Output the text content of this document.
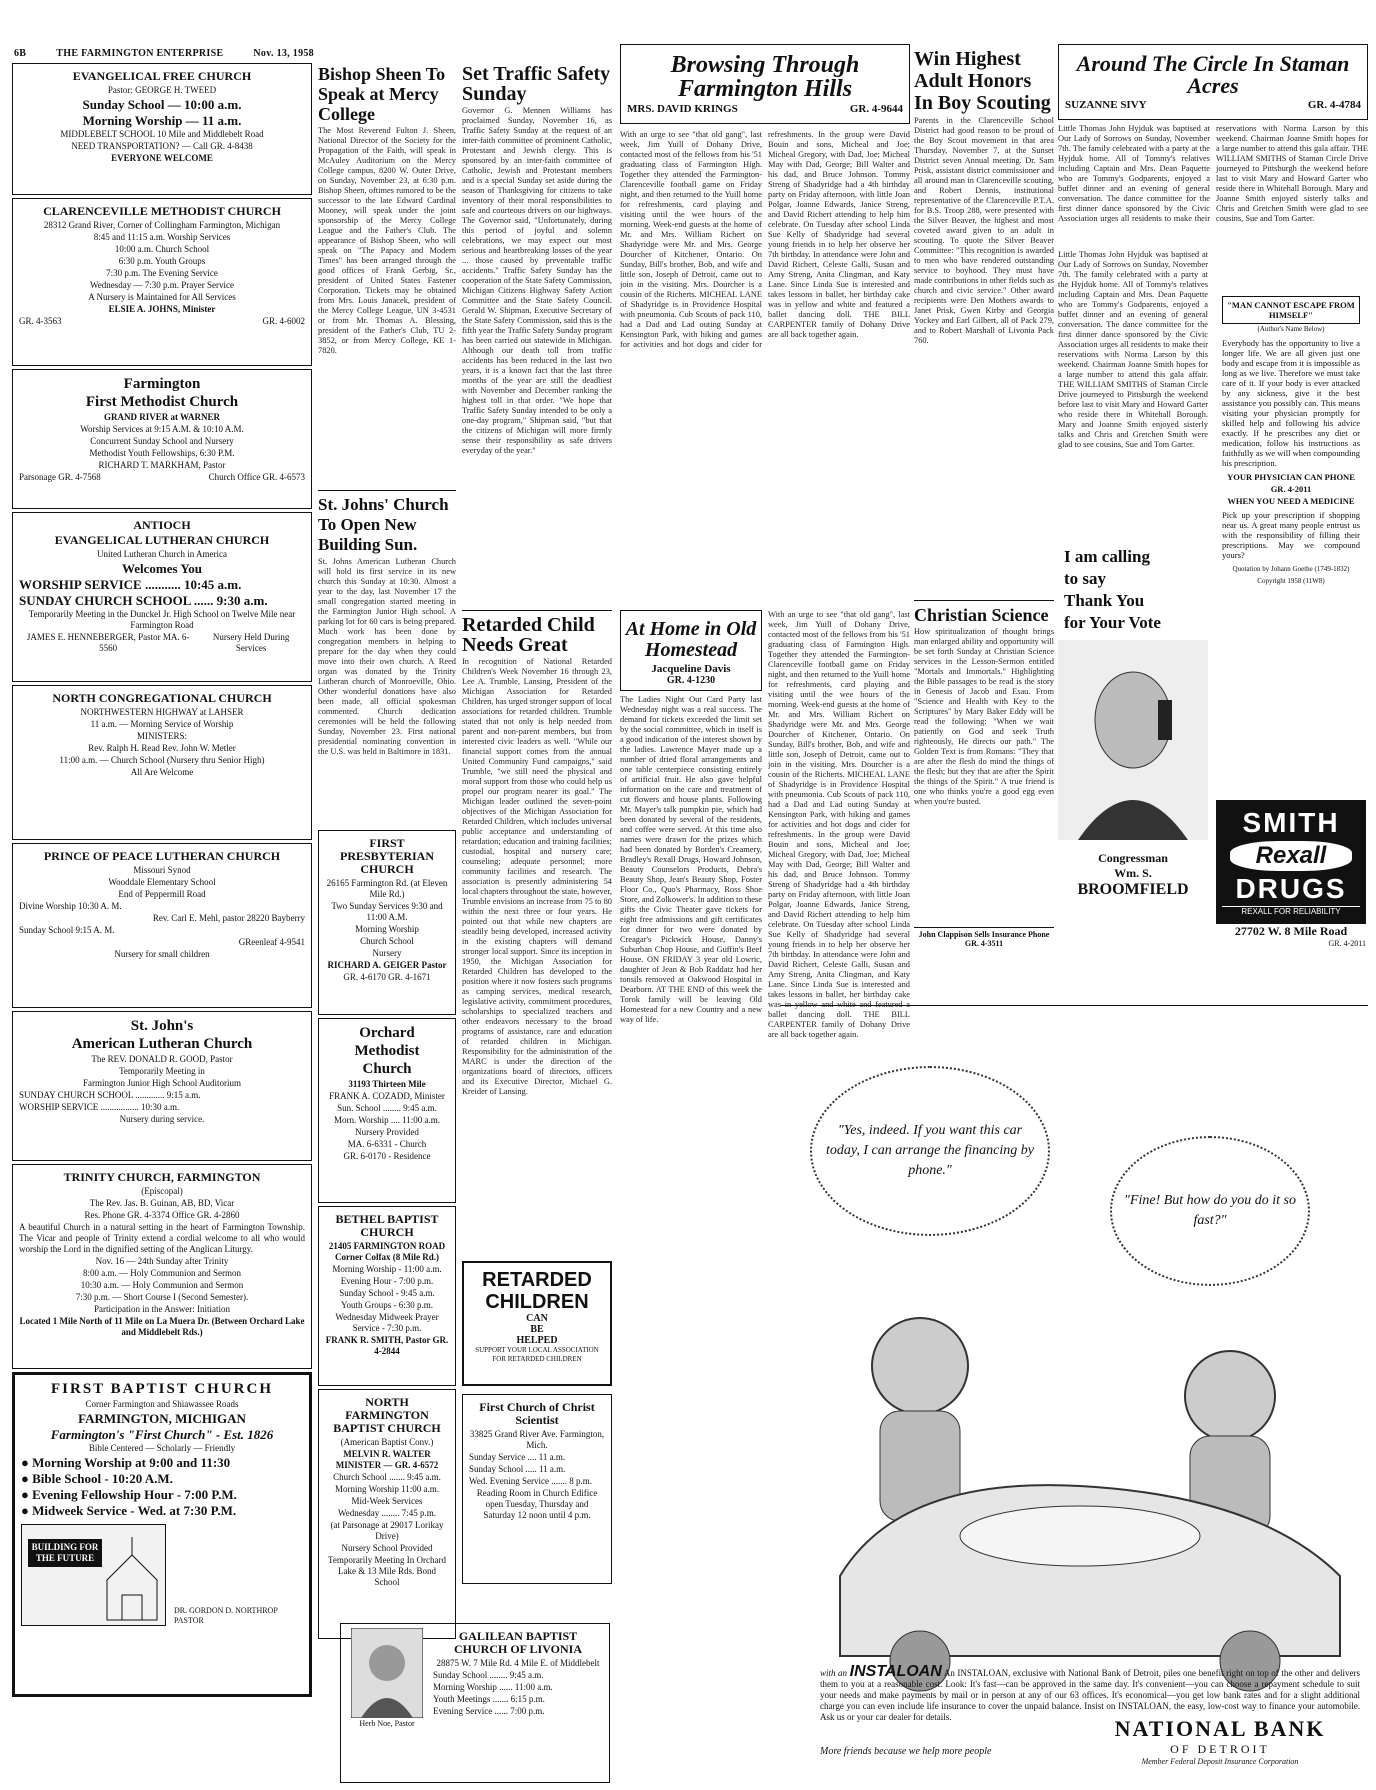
6B	THE FARMINGTON ENTERPRISE	Nov. 13, 1958
EVANGELICAL FREE CHURCH

Pastor: GEORGE H. TWEED

Sunday School — 10:00 a.m.

Morning Worship — 11 a.m.

MIDDLEBELT SCHOOL 10 Mile and Middlebelt Road

NEED TRANSPORTATION? — Call GR. 4-8438

EVERYONE WELCOME

CLARENCEVILLE METHODIST CHURCH

28312 Grand River, Corner of Collingham Farmington, Michigan

8:45 and 11:15 a.m. Worship Services

10:00 a.m. Church School

6:30 p.m. Youth Groups

7:30 p.m. The Evening Service

Wednesday — 7:30 p.m. Prayer Service

A Nursery is Maintained for All Services

ELSIE A. JOHNS, Minister

GR. 4-3563	GR. 4-6002

Farmington
First Methodist Church

GRAND RIVER at WARNER

Worship Services at 9:15 A.M. & 10:10 A.M.

Concurrent Sunday School and Nursery

Methodist Youth Fellowships, 6:30 P.M.

RICHARD T. MARKHAM, Pastor

Parsonage GR. 4-7568	Church Office GR. 4-6573

ANTIOCH
EVANGELICAL LUTHERAN CHURCH

United Lutheran Church in America

Welcomes You

WORSHIP SERVICE ........... 10:45 a.m.

SUNDAY CHURCH SCHOOL ...... 9:30 a.m.

Temporarily Meeting in the Dunckel Jr. High School on Twelve Mile near Farmington Road

JAMES E. HENNEBERGER, Pastor MA. 6-5560
Nursery Held During Services

NORTH CONGREGATIONAL CHURCH

NORTHWESTERN HIGHWAY at LAHSER

11 a.m. — Morning Service of Worship

MINISTERS:

Rev. Ralph H. Read Rev. John W. Metler

11:00 a.m. — Church School (Nursery thru Senior High)

All Are Welcome

PRINCE OF PEACE LUTHERAN CHURCH

Missouri Synod

Wooddale Elementary School

End of Peppermill Road

Divine Worship 10:30 A. M.

Rev. Carl E. Mehl, pastor 28220 Bayberry

Sunday School 9:15 A. M.

GReenleaf 4-9541

Nursery for small children

St. John's
American Lutheran Church

The REV. DONALD R. GOOD, Pastor

Temporarily Meeting in

Farmington Junior High School Auditorium

SUNDAY CHURCH SCHOOL ............. 9:15 a.m.

WORSHIP SERVICE ................. 10:30 a.m.

Nursery during service.

TRINITY CHURCH, FARMINGTON

(Episcopal)

The Rev. Jas. B. Guinan, AB, BD, Vicar

Res. Phone GR. 4-3374 Office GR. 4-2860

A beautiful Church in a natural setting in the heart of Farmington Township. The Vicar and people of Trinity extend a cordial welcome to all who would worship the Lord in the dignified setting of the Anglican Liturgy.

Nov. 16 — 24th Sunday after Trinity

8:00 a.m. — Holy Communion and Sermon

10:30 a.m. — Holy Communion and Sermon

7:30 p.m. — Short Course I (Second Semester).

Participation in the Answer: Initiation

Located 1 Mile North of 11 Mile on La Muera Dr. (Between Orchard Lake and Middlebelt Rds.)

FIRST BAPTIST CHURCH

Corner Farmington and Shiawassee Roads

FARMINGTON, MICHIGAN

Farmington's "First Church" - Est. 1826

Bible Centered — Scholarly — Friendly

● Morning Worship at 9:00 and 11:30

● Bible School - 10:20 A.M.

● Evening Fellowship Hour - 7:00 P.M.

● Midweek Service - Wed. at 7:30 P.M.

BUILDING FOR THE FUTURE
DR. GORDON D. NORTHROP PASTOR
Bishop Sheen To Speak at Mercy College

The Most Reverend Fulton J. Sheen, National Director of the Society for the Propagation of the Faith, will speak in McAuley Auditorium on the Mercy College campus, 8200 W. Outer Drive, on Sunday, November 23, at 6:30 p.m. Bishop Sheen, oftimes rumored to be the successor to the late Edward Cardinal Mooney, will speak under the joint sponsorship of the Mercy College League and the Father's Club. The appearance of Bishop Sheen, who will speak on "The Papacy and Modern Times" has been arranged through the good offices of Frank Gerbig, Sr., president of United States Fastener Corporation. Tickets may be obtained from Mrs. Louis Janacek, president of the Mercy College League, UN 3-4531 or from Mr. Thomas A. Blessing, president of the Father's Club, TU 2-3852, or from Mercy College, KE 1-7820.

St. Johns' Church To Open New Building Sun.

St. Johns American Lutheran Church will hold its first service in its new church this Sunday at 10:30. Almost a year to the day, last November 17 the small congregation started meeting in the Farmington Junior High school. A parking lot for 60 cars is being prepared. Much work has been done by congregation members in helping to prepare for the day when they could move into their own church. A Reed organ was donated by the Trinity Lutheran church of Monroeville, Ohio. Other wonderful donations have also been made, all official spokesman commented. Church dedication ceremonies will be held the following Sunday, November 23. First national presidential nominating convention in the U.S. was held in Baltimore in 1831.

FIRST PRESBYTERIAN CHURCH

26165 Farmington Rd. (at Eleven Mile Rd.)

Two Sunday Services 9:30 and 11:00 A.M.

Morning Worship

Church School

Nursery

RICHARD A. GEIGER Pastor

GR. 4-6170 GR. 4-1671

Orchard
Methodist
Church

31193 Thirteen Mile

FRANK A. COZADD, Minister

Sun. School ........ 9:45 a.m.

Morn. Worship .... 11:00 a.m.

Nursery Provided

MA. 6-6331 - Church

GR. 6-0170 - Residence

BETHEL BAPTIST CHURCH

21405 FARMINGTON ROAD Corner Colfax (8 Mile Rd.)

Morning Worship - 11:00 a.m.

Evening Hour - 7:00 p.m.

Sunday School - 9:45 a.m.

Youth Groups - 6:30 p.m.

Wednesday Midweek Prayer Service - 7:30 p.m.

FRANK R. SMITH, Pastor GR. 4-2844

NORTH FARMINGTON BAPTIST CHURCH

(American Baptist Conv.)

MELVIN R. WALTER MINISTER — GR. 4-6572

Church School ....... 9:45 a.m.

Morning Worship 11:00 a.m.

Mid-Week Services

Wednesday ........ 7:45 p.m.

(at Parsonage at 29017 Lorikay Drive)

Nursery School Provided

Temporarily Meeting In Orchard Lake & 13 Mile Rds. Bond School

Set Traffic Safety Sunday

Governor G. Mennen Williams has proclaimed Sunday, November 16, as Traffic Safety Sunday at the request of an inter-faith committee of prominent Catholic, Protestant and Jewish clergy. This is sponsored by an inter-faith committee of Catholic, Jewish and Protestant members and is a special Sunday set aside during the season of Thanksgiving for citizens to take inventory of their moral responsibilities to safe and courteous drivers on our highways. The Governor said, "Unfortunately, during this period of joyful and solemn celebrations, we may expect our most serious and heartbreaking losses of the year ... those caused by preventable traffic accidents." Traffic Safety Sunday has the cooperation of the State Safety Commission, Michigan Citizens Highway Safety Action Committee and the State Safety Council. Gerald W. Shipman, Executive Secretary of the State Safety Commission, said this is the fifth year the Traffic Safety Sunday program has been carried out statewide in Michigan. Although our death toll from traffic accidents has been reduced in the last two years, it is a known fact that the last three months of the year are still the deadliest with November and December ranking the highest toll in that order. "We hope that Traffic Safety Sunday intended to be only a one-day program," Shipman said, "but that the citizens of Michigan will more firmly sense their responsibility as safe drivers everyday of the year."

Retarded Child Needs Great

In recognition of National Retarded Children's Week November 16 through 23, Lee A. Trumble, Lansing, President of the Michigan Association for Retarded Children, has urged stronger support of local associations for retarded children. Trumble stated that not only is help needed from parent and non-parent members, but from interested civic leaders as well. "While our financial support comes from the annual United Community Fund campaigns," said Trumble, "we still need the physical and moral support from those who could help us propel our program nearer its goal." The Michigan leader outlined the seven-point objectives of the Michigan Association for Retarded Children, which includes universal public acceptance and understanding of retardation; education and training facilities; custodial, hospital and nursery care; counseling; adequate personnel; more community facilities and research. The association is presently administering 54 local chapters throughout the state, however, Trumble envisions an increase from 75 to 80 within the next three or four years. He pointed out that while new chapters are steadily being developed, increased activity in the existing chapters will demand stronger local support. Since its inception in 1950, the Michigan Association for Retarded Children has developed to the position where it now fosters such programs as camping services, medical research, legislative activity, commitment procedures, scholarships to specialized teachers and other endeavors necessary to the broad programs of assistance, care and education of retarded children in Michigan. Responsibility for the administration of the MARC is under the direction of the organizations board of directors, officers and its Executive Director, Michael G. Kreider of Lansing.

RETARDED
CHILDREN
CAN
BE
HELPED
SUPPORT YOUR LOCAL ASSOCIATION FOR RETARDED CHILDREN
First Church of Christ Scientist

33825 Grand River Ave. Farmington, Mich.

Sunday Service .... 11 a.m.

Sunday School ..... 11 a.m.

Wed. Evening Service ....... 8 p.m.

Reading Room in Church Edifice open Tuesday, Thursday and Saturday 12 noon until 4 p.m.

Herb Noe, Pastor
GALILEAN BAPTIST CHURCH OF LIVONIA

28875 W. 7 Mile Rd. 4 Mile E. of Middlebelt

Sunday School ........ 9:45 a.m.

Morning Worship ...... 11:00 a.m.

Youth Meetings ....... 6:15 p.m.

Evening Service ...... 7:00 p.m.

Browsing Through Farmington Hills
MRS. DAVID KRINGS	GR. 4-9644

With an urge to see "that old gang", last week, Jim Yuill of Dohany Drive, contacted most of the fellows from his '51 graduating class of Farmington High. Together they attended the Farmington-Clarenceville football game on Friday night, and then returned to the Yuill home for refreshments, card playing and visiting until the wee hours of the morning. Week-end guests at the home of Mr. and Mrs. William Richert on Shadyridge were Mr. and Mrs. George Dourcher of Kitchener, Ontario. On Sunday, Bill's brother, Bob, and wife and little son, Joseph of Detroit, came out to join in the visiting. Mrs. Dourcher is a cousin of the Richerts. MICHEAL LANE of Shadyridge is in Providence Hospital with pneumonia. Cub Scouts of pack 110, had a Dad and Lad outing Sunday at Kensington Park, with hiking and games for activities and hot dogs and cider for refreshments. In the group were David Bouin and sons, Micheal and Joe; Micheal Gregory, with Dad, Joe; Micheal May with Dad, George; Bill Walter and his dad, and Bruce Johnson. Tommy Streng of Shadyridge had a 4th birthday party on Friday afternoon, with little Joan Polgar, Joanne Edwards, Janice Streng, and David Richert attending to help him celebrate. On Tuesday after school Linda Sue Kelly of Shadyridge had several young friends in to help her observe her 7th birthday. In attendance were John and David Richert, Celeste Galli, Susan and Amy Streng, Anita Clingman, and Katy Lane. Since Linda Sue is interested and takes lessons in ballet, her birthday cake was in yellow and white and featured a ballet dancing doll. THE BILL CARPENTER family of Dohany Drive are all back together again.

At Home in Old Homestead
Jacqueline Davis
GR. 4-1230

The Ladies Night Out Card Party last Wednesday night was a real success. The demand for tickets exceeded the limit set by the social committee, which in itself is a good indication of the interest shown by the ladies. Lawrence Mayer made up a number of dried floral arrangements and one table centerpiece consisting entirely of artificial fruit. He also gave helpful information on the care and treatment of cut flowers and house plants. Following Mr. Mayer's talk pumpkin pie, which had been donated by several of the residents, and coffee were served. At this time also names were drawn for the prizes which had been donated by Borden's Creamery, Bradley's Rexall Drugs, Howard Johnson, Beauty Counselors Products, Debra's Beauty Shop, Jean's Beauty Shop, Foster Floor Co., Quo's Pharmacy, Ross Shoe Store, and Zolkower's. In addition to these gifts the Civic Theater gave tickets for eight free admissions and gift certificates for dinner for two were donated by Creagar's Pickwick House, Danny's Suburban Chop House, and Guffin's Beef House. ON FRIDAY 3 year old Lowric, daughter of Jean & Bob Raddatz had her tonsils removed at Oakwood Hospital in Dearborn. AT THE END of this week the Torok family will be leaving Old Homestead for a new Country and a new way of life.

With an urge to see "that old gang", last week, Jim Yuill of Dohany Drive, contacted most of the fellows from his '51 graduating class of Farmington High. Together they attended the Farmington-Clarenceville football game on Friday night, and then returned to the Yuill home for refreshments, card playing and visiting until the wee hours of the morning. Week-end guests at the home of Mr. and Mrs. William Richert on Shadyridge were Mr. and Mrs. George Dourcher of Kitchener, Ontario. On Sunday, Bill's brother, Bob, and wife and little son, Joseph of Detroit, came out to join in the visiting. Mrs. Dourcher is a cousin of the Richerts. MICHEAL LANE of Shadyridge is in Providence Hospital with pneumonia. Cub Scouts of pack 110, had a Dad and Lad outing Sunday at Kensington Park, with hiking and games for activities and hot dogs and cider for refreshments. In the group were David Bouin and sons, Micheal and Joe; Micheal Gregory, with Dad, Joe; Micheal May with Dad, George; Bill Walter and his dad, and Bruce Johnson. Tommy Streng of Shadyridge had a 4th birthday party on Friday afternoon, with little Joan Polgar, Joanne Edwards, Janice Streng, and David Richert attending to help him celebrate. On Tuesday after school Linda Sue Kelly of Shadyridge had several young friends in to help her observe her 7th birthday. In attendance were John and David Richert, Celeste Galli, Susan and Amy Streng, Anita Clingman, and Katy Lane. Since Linda Sue is interested and takes lessons in ballet, her birthday cake was in yellow and white and featured a ballet dancing doll. THE BILL CARPENTER family of Dohany Drive are all back together again.

Win Highest Adult Honors In Boy Scouting

Parents in the Clarenceville School District had good reason to be proud of the Boy Scout movement in that area Thursday, November 7, at the Sunset District seven Annual meeting. Dr. Sam Prisk, assistant district commissioner and all around man in Clarenceville scouting, and Robert Dennis, institutional representative of the Clarenceville P.T.A. for B.S. Troop 288, were presented with the Silver Beaver, the highest and most coveted award given to an adult in scouting. To quote the Silver Beaver Committee: "This recognition is awarded to men who have rendered outstanding service to boyhood. They must have made contributions in other fields such as church and civic service." Other award recipients were Den Mothers awards to Janet Prisk, Gwen Kirby and Georgia Yockey and Earl Gilbert, all of Pack 279, and to Robert Marshall of Livonia Pack 760.

Christian Science

How spiritualization of thought brings man enlarged ability and opportunity will be set forth Sunday at Christian Science services in the Lesson-Sermon entitled "Mortals and Immortals." Highlighting the Bible passages to be read is the story in Genesis of Jacob and Esau. From "Science and Health with Key to the Scriptures" by Mary Baker Eddy will be read the following: "When we wait patiently on God and seek Truth righteously, He directs our path." The Golden Text is from Romans: "They that are after the flesh do mind the things of the flesh; but they that are after the Spirit the things of the Spirit." A true friend is one who thinks you're a good egg even when you're busted.

John Clappison Sells Insurance Phone GR. 4-3511
Around The Circle In Staman Acres
SUZANNE SIVY	GR. 4-4784

Little Thomas John Hyjduk was baptised at Our Lady of Sorrows on Sunday, November 7th. The family celebrated with a party at the Hyjduk home. All of Tommy's relatives including Captain and Mrs. Dean Paquette who are Tommy's Godparents, enjoyed a buffet dinner and an evening of general conversation. The dance committee for the first dinner dance sponsored by the Civic Association urges all residents to make their reservations with Norma Larson by this weekend. Chairman Joanne Smith hopes for a large number to attend this gala affair. THE WILLIAM SMITHS of Staman Circle Drive journeyed to Pittsburgh the weekend before last to visit Mary and Howard Garter who reside there in Whitehall Borough. Mary and Joanne Smith enjoyed sisterly talks and Chris and Gretchen Smith were glad to see cousins, Sue and Tom Garter.

Little Thomas John Hyjduk was baptised at Our Lady of Sorrows on Sunday, November 7th. The family celebrated with a party at the Hyjduk home. All of Tommy's relatives including Captain and Mrs. Dean Paquette who are Tommy's Godparents, enjoyed a buffet dinner and an evening of general conversation. The dance committee for the first dinner dance sponsored by the Civic Association urges all residents to make their reservations with Norma Larson by this weekend. Chairman Joanne Smith hopes for a large number to attend this gala affair. THE WILLIAM SMITHS of Staman Circle Drive journeyed to Pittsburgh the weekend before last to visit Mary and Howard Garter who reside there in Whitehall Borough. Mary and Joanne Smith enjoyed sisterly talks and Chris and Gretchen Smith were glad to see cousins, Sue and Tom Garter.

"MAN CANNOT ESCAPE FROM HIMSELF"
(Author's Name Below)

Everybody has the opportunity to live a longer life. We are all given just one body and escape from it is impossible as long as we live. Therefore we must take care of it. If your body is ever attacked by any sickness, give it the best assistance you possibly can. This means visiting your physician promptly for skilled help and following his advice exactly. If he prescribes any diet or medication, follow his instructions as faithfully as we will when compounding his prescription.

YOUR PHYSICIAN CAN PHONE

GR. 4-2011

WHEN YOU NEED A MEDICINE

Pick up your prescription if shopping near us. A great many people entrust us with the responsibility of filling their prescriptions. May we compound yours?

Quotation by Johann Goethe (1749-1832)

Copyright 1958 (11W8)

I am calling
to say
Thank You
for Your Vote
Congressman
Wm. S.
BROOMFIELD
SMITH
Rexall
DRUGS
REXALL FOR RELIABILITY
27702 W. 8 Mile Road
GR. 4-2011
"Yes, indeed. If you want this car today, I can arrange the financing by phone."
"Fine! But how do you do it so fast?"
with an INSTALOAN An INSTALOAN, exclusive with National Bank of Detroit, piles one benefit right on top of the other and delivers them to you at a reasonable cost. Look: It's fast—can be approved in the same day. It's convenient—you can choose a repayment schedule to suit your needs and make payments by mail or in person at any of our 63 offices. It's economical—you get low bank rates and for a slight additional charge you can even include life insurance to cover the unpaid balance. Insist on INSTALOAN, the easy, low-cost way to finance your automobile. Ask us or your car dealer for details.
More friends because we help more people
NATIONAL BANK
OF DETROIT
Member Federal Deposit Insurance Corporation
